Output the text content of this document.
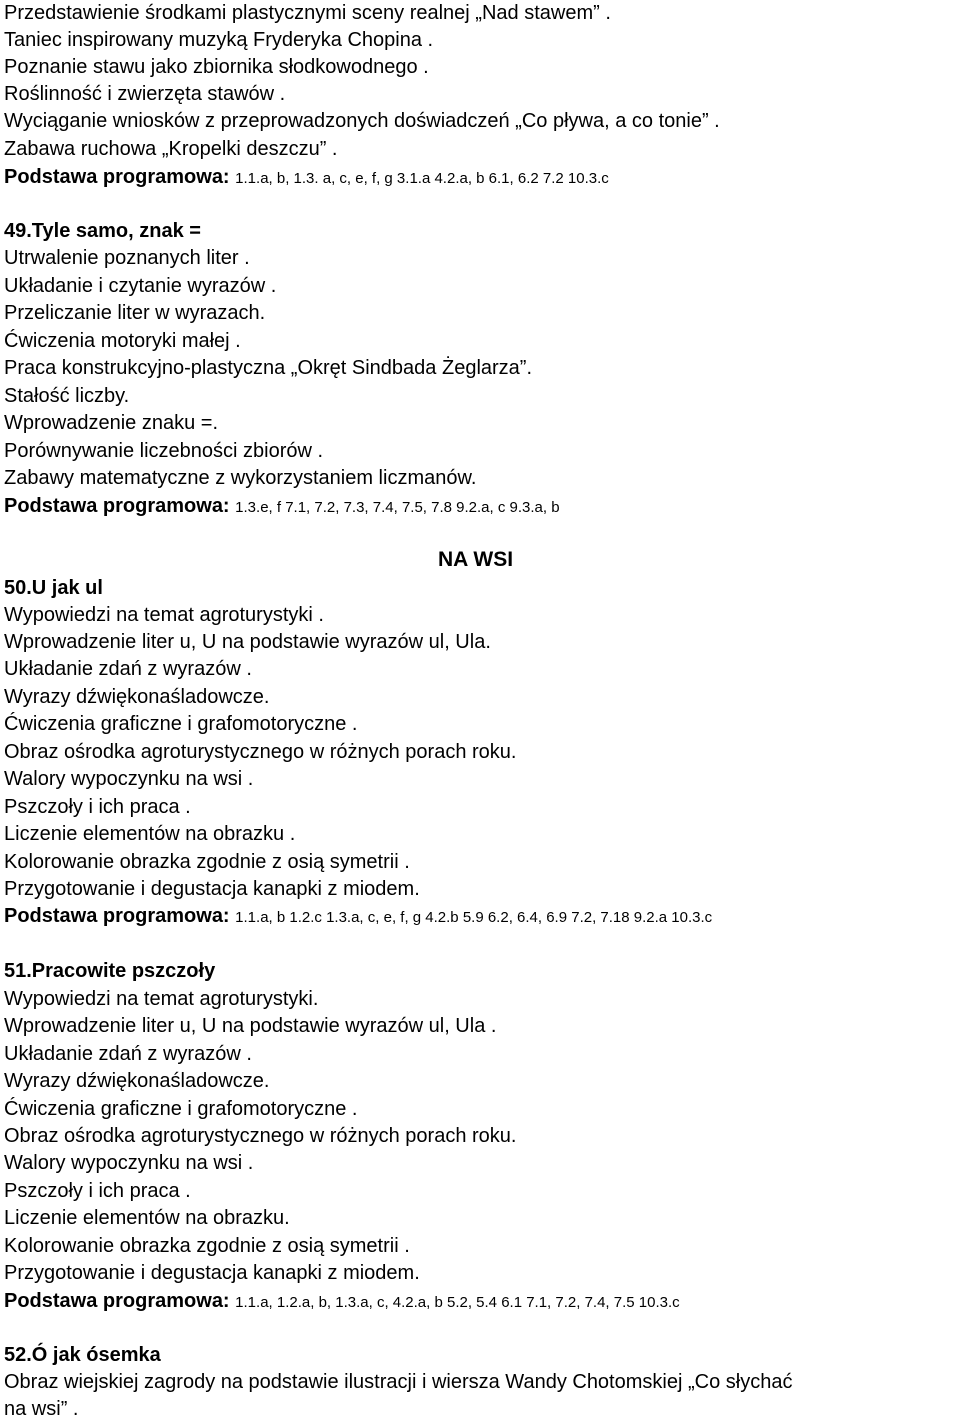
Przedstawienie środkami plastycznymi sceny realnej „Nad stawem” .
Taniec inspirowany muzyką Fryderyka Chopina .
Poznanie stawu jako zbiornika słodkowodnego .
Roślinność i zwierzęta stawów .
Wyciąganie wniosków z przeprowadzonych doświadczeń „Co pływa, a co tonie” .
Zabawa ruchowa „Kropelki deszczu” .
Podstawa programowa: 1.1.a, b, 1.3. a, c, e, f, g 3.1.a 4.2.a, b 6.1, 6.2 7.2 10.3.c
49.Tyle samo, znak =
Utrwalenie poznanych liter .
Układanie i czytanie wyrazów .
Przeliczanie liter w wyrazach.
Ćwiczenia motoryki małej .
Praca konstrukcyjno-plastyczna „Okręt Sindbada Żeglarza”.
Stałość liczby.
Wprowadzenie znaku =.
Porównywanie liczebności zbiorów .
Zabawy matematyczne z wykorzystaniem liczmanów.
Podstawa programowa: 1.3.e, f 7.1, 7.2, 7.3, 7.4, 7.5, 7.8 9.2.a, c 9.3.a, b
NA WSI
50.U jak ul
Wypowiedzi na temat agroturystyki .
Wprowadzenie liter u, U na podstawie wyrazów ul, Ula.
Układanie zdań z wyrazów .
Wyrazy dźwiękonaśladowcze.
Ćwiczenia graficzne i grafomotoryczne .
Obraz ośrodka agroturystycznego w różnych porach roku.
Walory wypoczynku na wsi .
Pszczoły i ich praca .
Liczenie elementów na obrazku .
Kolorowanie obrazka zgodnie z osią symetrii .
Przygotowanie i degustacja kanapki z miodem.
Podstawa programowa: 1.1.a, b 1.2.c 1.3.a, c, e, f, g 4.2.b 5.9 6.2, 6.4, 6.9 7.2, 7.18 9.2.a 10.3.c
51.Pracowite pszczoły
Wypowiedzi na temat agroturystyki.
Wprowadzenie liter u, U na podstawie wyrazów ul, Ula .
Układanie zdań z wyrazów .
Wyrazy dźwiękonaśladowcze.
Ćwiczenia graficzne i grafomotoryczne .
Obraz ośrodka agroturystycznego w różnych porach roku.
Walory wypoczynku na wsi .
Pszczoły i ich praca .
Liczenie elementów na obrazku.
Kolorowanie obrazka zgodnie z osią symetrii .
Przygotowanie i degustacja kanapki z miodem.
Podstawa programowa: 1.1.a, 1.2.a, b, 1.3.a, c, 4.2.a, b 5.2, 5.4 6.1 7.1, 7.2, 7.4, 7.5 10.3.c
52.Ó jak ósemka
Obraz wiejskiej zagrody na podstawie ilustracji i wiersza Wandy Chotomskiej „Co słychać
na wsi” .
